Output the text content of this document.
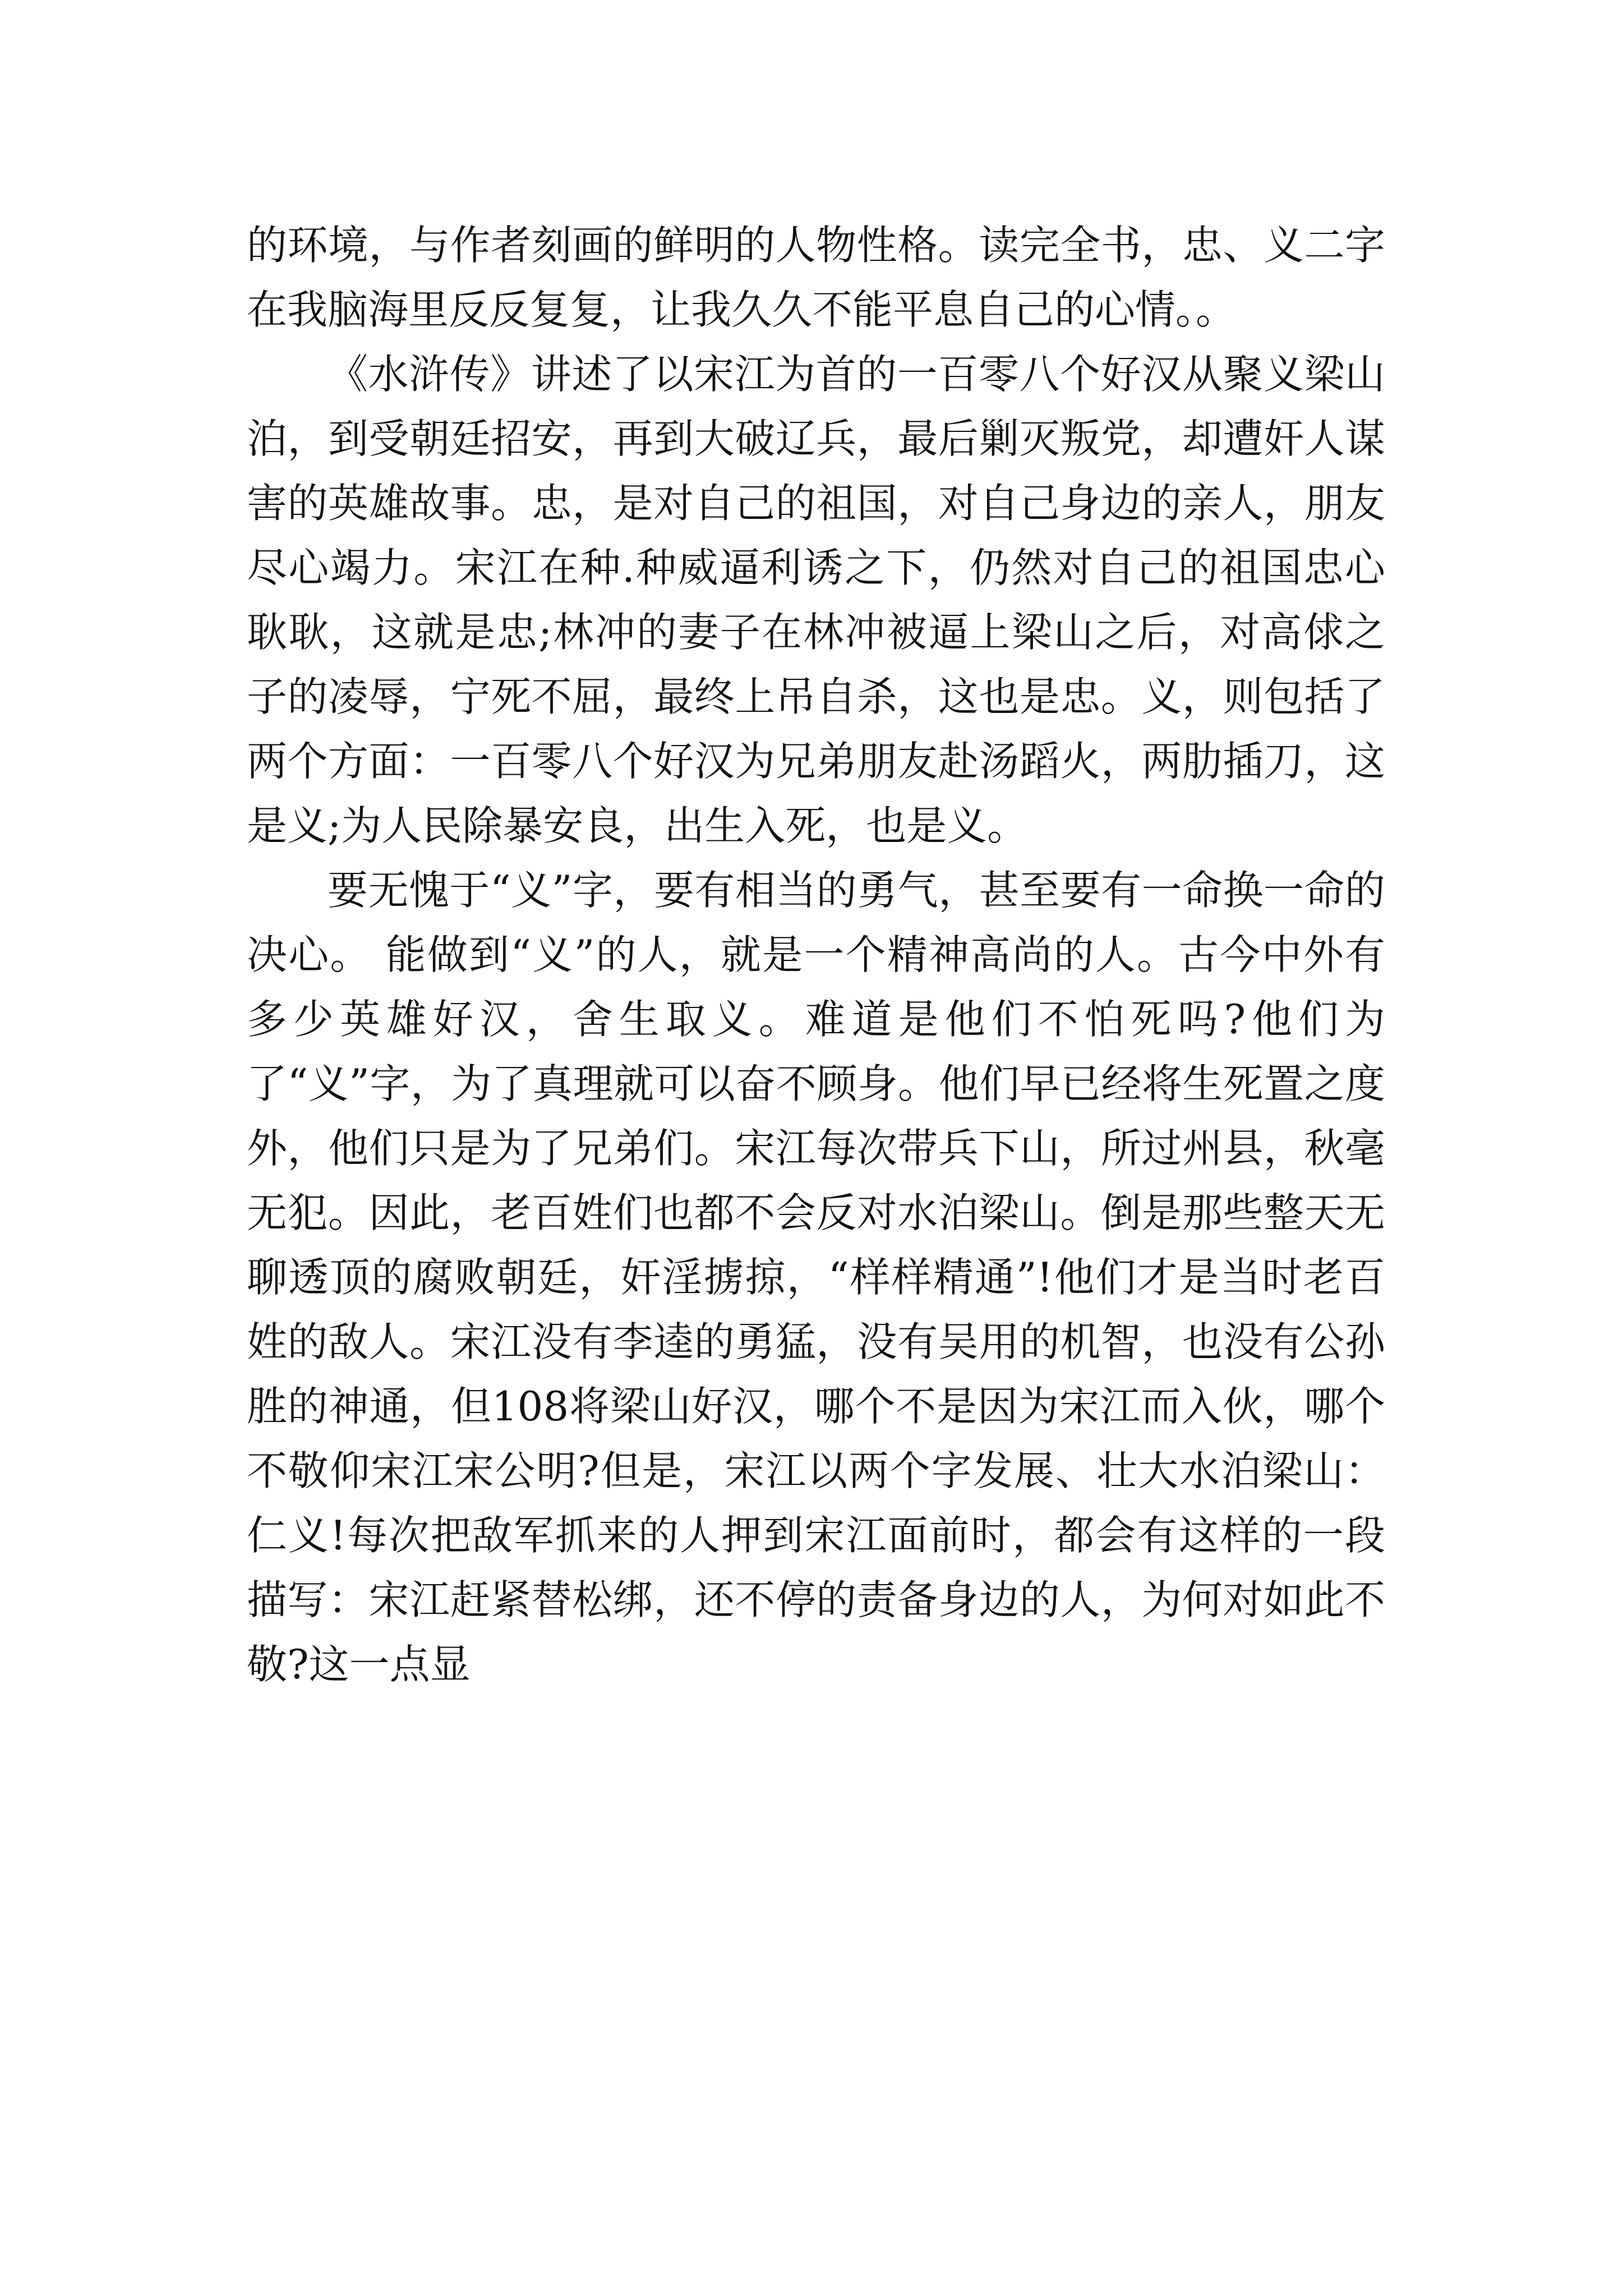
的环境，与作者刻画的鲜明的人物性格。读完全书，忠、义二字在我脑海里反反复复，让我久久不能平息自己的心情。。

《水浒传》讲述了以宋江为首的一百零八个好汉从聚义梁山泊，到受朝廷招安，再到大破辽兵，最后剿灭叛党，却遭奸人谋害的英雄故事。忠，是对自己的祖国，对自己身边的亲人，朋友尽心竭力。宋江在种.种威逼利诱之下，仍然对自己的祖国忠心耿耿，这就是忠;林冲的妻子在林冲被逼上梁山之后，对高俅之子的凌辱，宁死不屈，最终上吊自杀，这也是忠。义，则包括了两个方面：一百零八个好汉为兄弟朋友赴汤蹈火，两肋插刀，这是义;为人民除暴安良，出生入死，也是义。

要无愧于“义”字，要有相当的勇气，甚至要有一命换一命的决心。 能做到“义”的人，就是一个精神高尚的人。古今中外有多少英雄好汉，舍生取义。难道是他们不怕死吗?他们为了“义”字，为了真理就可以奋不顾身。他们早已经将生死置之度外，他们只是为了兄弟们。宋江每次带兵下山，所过州县，秋毫无犯。因此，老百姓们也都不会反对水泊梁山。倒是那些整天无聊透顶的腐败朝廷，奸淫掳掠，“样样精通”!他们才是当时老百姓的敌人。宋江没有李逵的勇猛，没有吴用的机智，也没有公孙胜的神通，但108将梁山好汉，哪个不是因为宋江而入伙，哪个不敬仰宋江宋公明?但是，宋江以两个字发展、壮大水泊梁山：仁义!每次把敌军抓来的人押到宋江面前时，都会有这样的一段描写：宋江赶紧替松绑，还不停的责备身边的人，为何对如此不敬?这一点显
